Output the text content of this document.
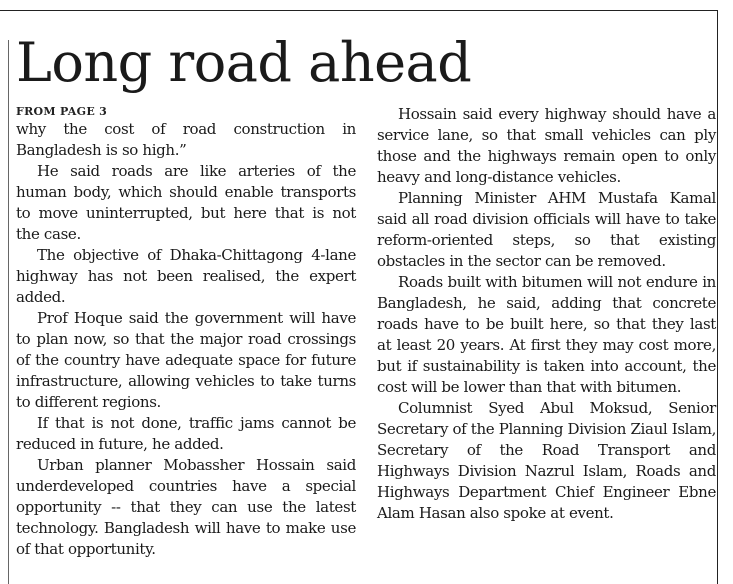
Long road ahead
FROM PAGE 3

why the cost of road construction in Bangladesh is so high.”

He said roads are like arteries of the human body, which should enable transports to move uninterrupted, but here that is not the case.

The objective of Dhaka-Chittagong 4-lane highway has not been realised, the expert added.

Prof Hoque said the government will have to plan now, so that the major road crossings of the country have adequate space for future infrastructure, allowing vehicles to take turns to different regions.

If that is not done, traffic jams cannot be reduced in future, he added.

Urban planner Mobassher Hossain said underdeveloped countries have a special opportunity -- that they can use the latest technology. Bangladesh will have to make use of that opportunity.

Hossain said every highway should have a service lane, so that small vehicles can ply those and the highways remain open to only heavy and long-distance vehicles.

Planning Minister AHM Mustafa Kamal said all road division officials will have to take reform-oriented steps, so that existing obstacles in the sector can be removed.

Roads built with bitumen will not endure in Bangladesh, he said, adding that concrete roads have to be built here, so that they last at least 20 years. At first they may cost more, but if sustainability is taken into account, the cost will be lower than that with bitumen.

Columnist Syed Abul Moksud, Senior Secretary of the Planning Division Ziaul Islam, Secretary of the Road Transport and Highways Division Nazrul Islam, Roads and Highways Department Chief Engineer Ebne Alam Hasan also spoke at event.
